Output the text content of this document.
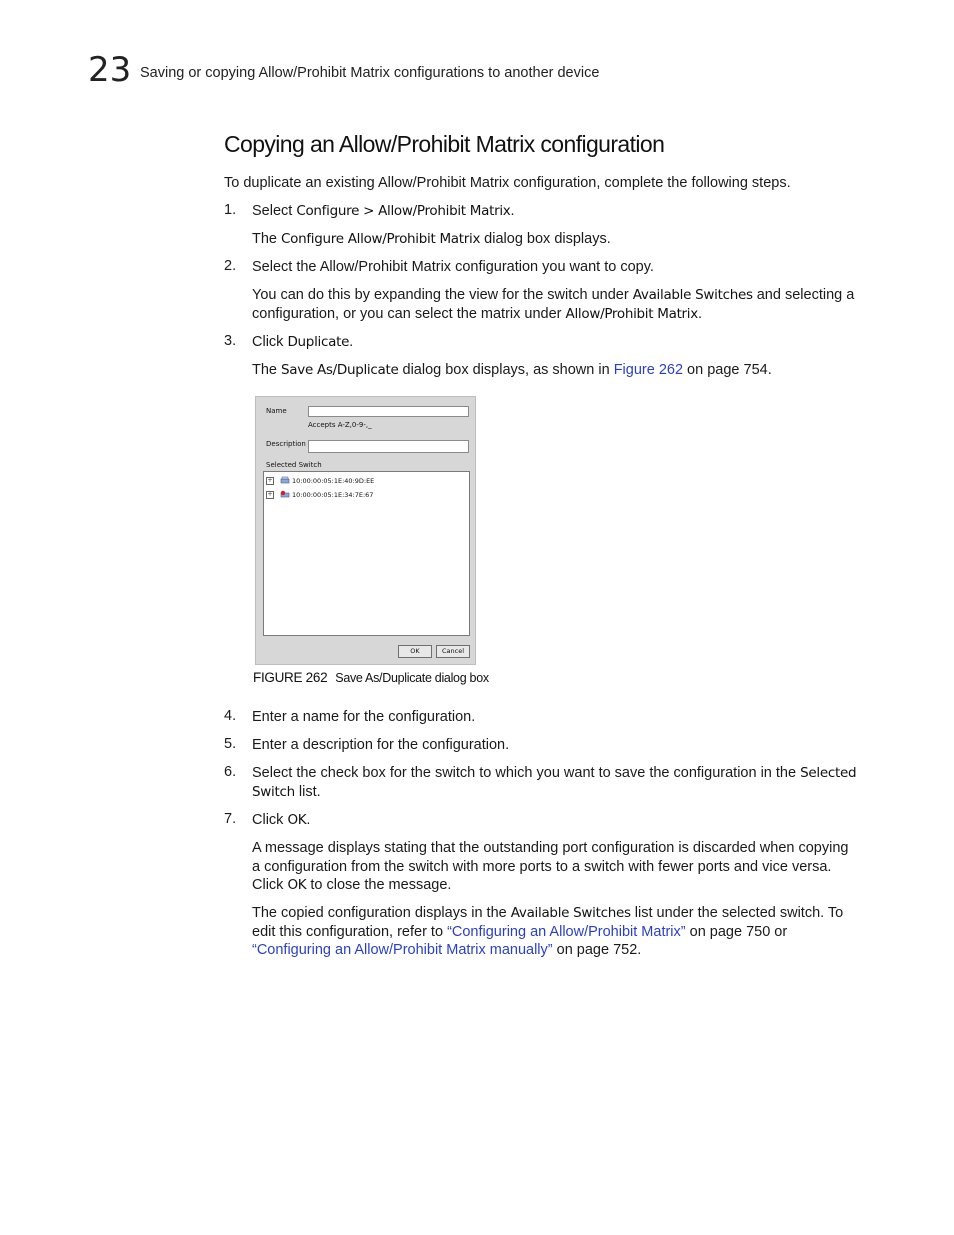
23 Saving or copying Allow/Prohibit Matrix configurations to another device
Copying an Allow/Prohibit Matrix configuration
To duplicate an existing Allow/Prohibit Matrix configuration, complete the following steps.
1. Select Configure > Allow/Prohibit Matrix.
The Configure Allow/Prohibit Matrix dialog box displays.
2. Select the Allow/Prohibit Matrix configuration you want to copy.
You can do this by expanding the view for the switch under Available Switches and selecting a configuration, or you can select the matrix under Allow/Prohibit Matrix.
3. Click Duplicate.
The Save As/Duplicate dialog box displays, as shown in Figure 262 on page 754.
Name
Accepts A-Z,0-9-,_
Description
Selected Switch
+	10:00:00:05:1E:40:9D:EE
+	10:00:00:05:1E:34:7E:67
OK	Cancel
FIGURE 262 Save As/Duplicate dialog box
4. Enter a name for the configuration.
5. Enter a description for the configuration.
6. Select the check box for the switch to which you want to save the configuration in the Selected
Switch list.
7. Click OK.
A message displays stating that the outstanding port configuration is discarded when copying
a configuration from the switch with more ports to a switch with fewer ports and vice versa.
Click OK to close the message.
The copied configuration displays in the Available Switches list under the selected switch. To
edit this configuration, refer to “Configuring an Allow/Prohibit Matrix” on page 750 or
“Configuring an Allow/Prohibit Matrix manually” on page 752.
